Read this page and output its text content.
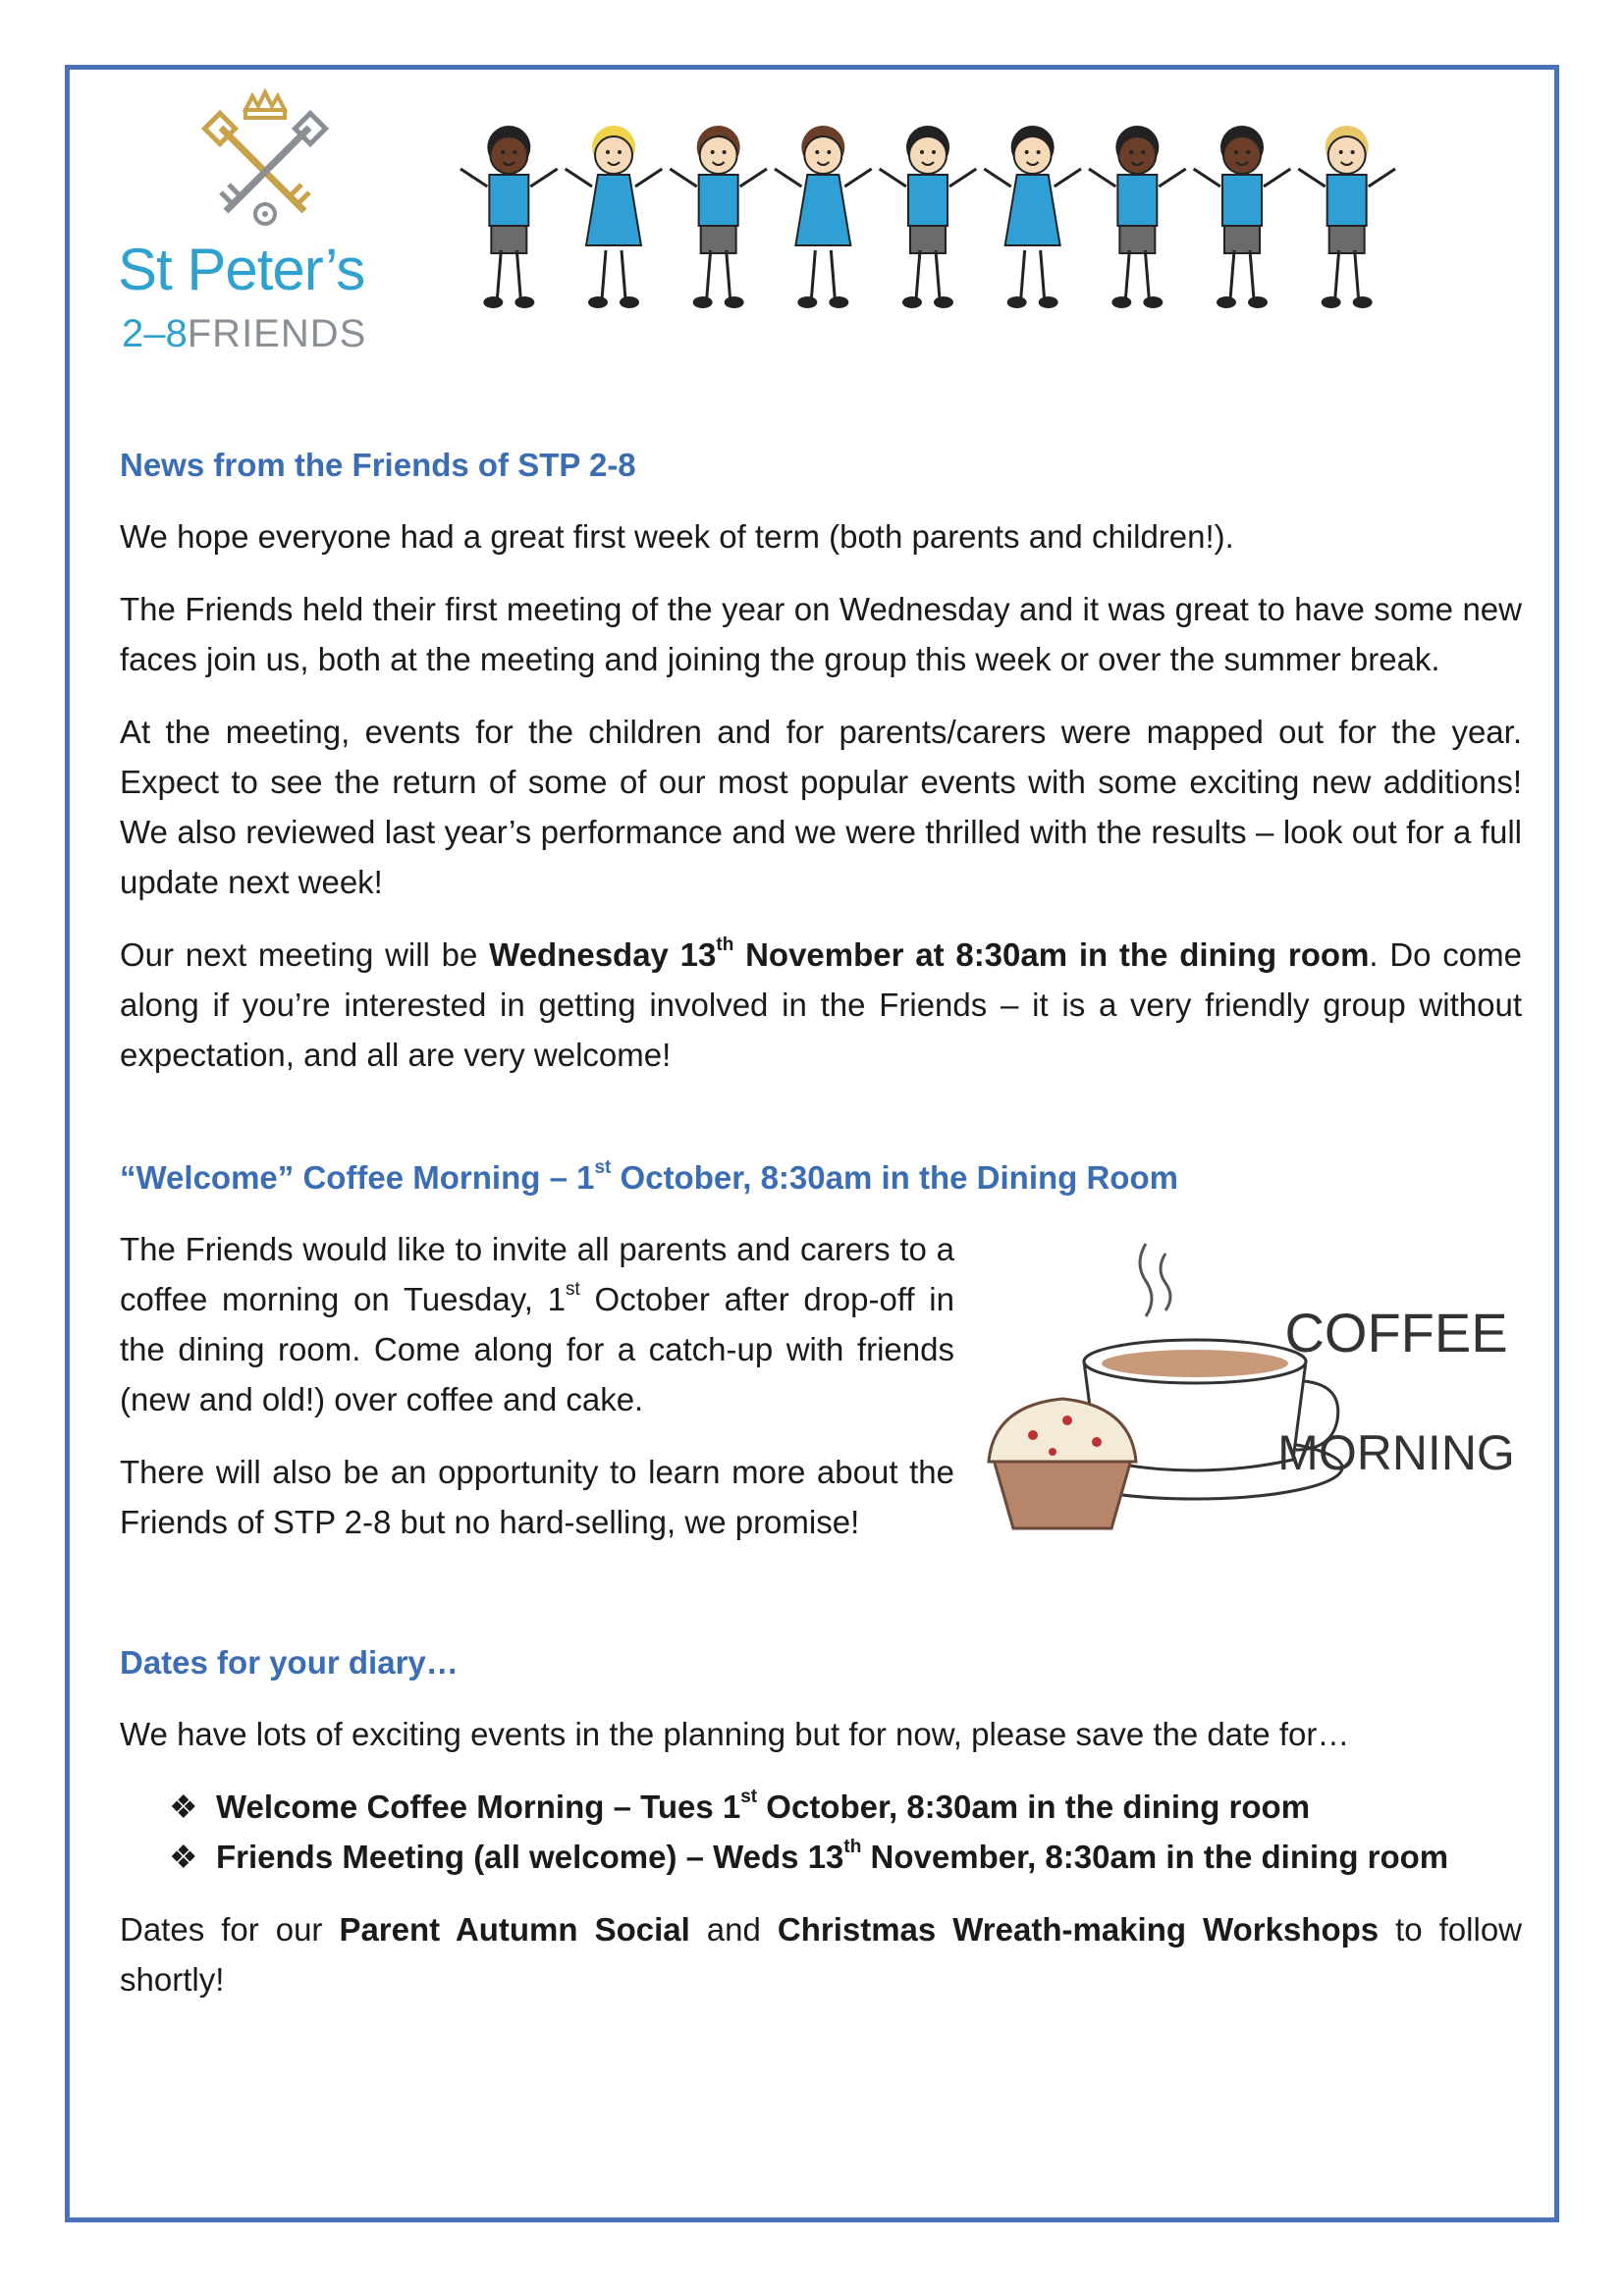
St Peter’s
2–8FRIENDS
News from the Friends of STP 2-8

We hope everyone had a great first week of term (both parents and children!).

The Friends held their first meeting of the year on Wednesday and it was great to have some new faces join us, both at the meeting and joining the group this week or over the summer break.

At the meeting, events for the children and for parents/carers were mapped out for the year. Expect to see the return of some of our most popular events with some exciting new additions! We also reviewed last year’s performance and we were thrilled with the results – look out for a full update next week!

Our next meeting will be Wednesday 13th November at 8:30am in the dining room. Do come along if you’re interested in getting involved in the Friends – it is a very friendly group without expectation, and all are very welcome!

“Welcome” Coffee Morning – 1st October, 8:30am in the Dining Room

The Friends would like to invite all parents and carers to a coffee morning on Tuesday, 1st October after drop-off in the dining room. Come along for a catch-up with friends (new and old!) over coffee and cake.

There will also be an opportunity to learn more about the Friends of STP 2-8 but no hard-selling, we promise!

COFFEE
MORNING
Dates for your diary…

We have lots of exciting events in the planning but for now, please save the date for…

❖ Welcome Coffee Morning – Tues 1st October, 8:30am in the dining room
❖ Friends Meeting (all welcome) – Weds 13th November, 8:30am in the dining room

Dates for our Parent Autumn Social and Christmas Wreath-making Workshops to follow shortly!
